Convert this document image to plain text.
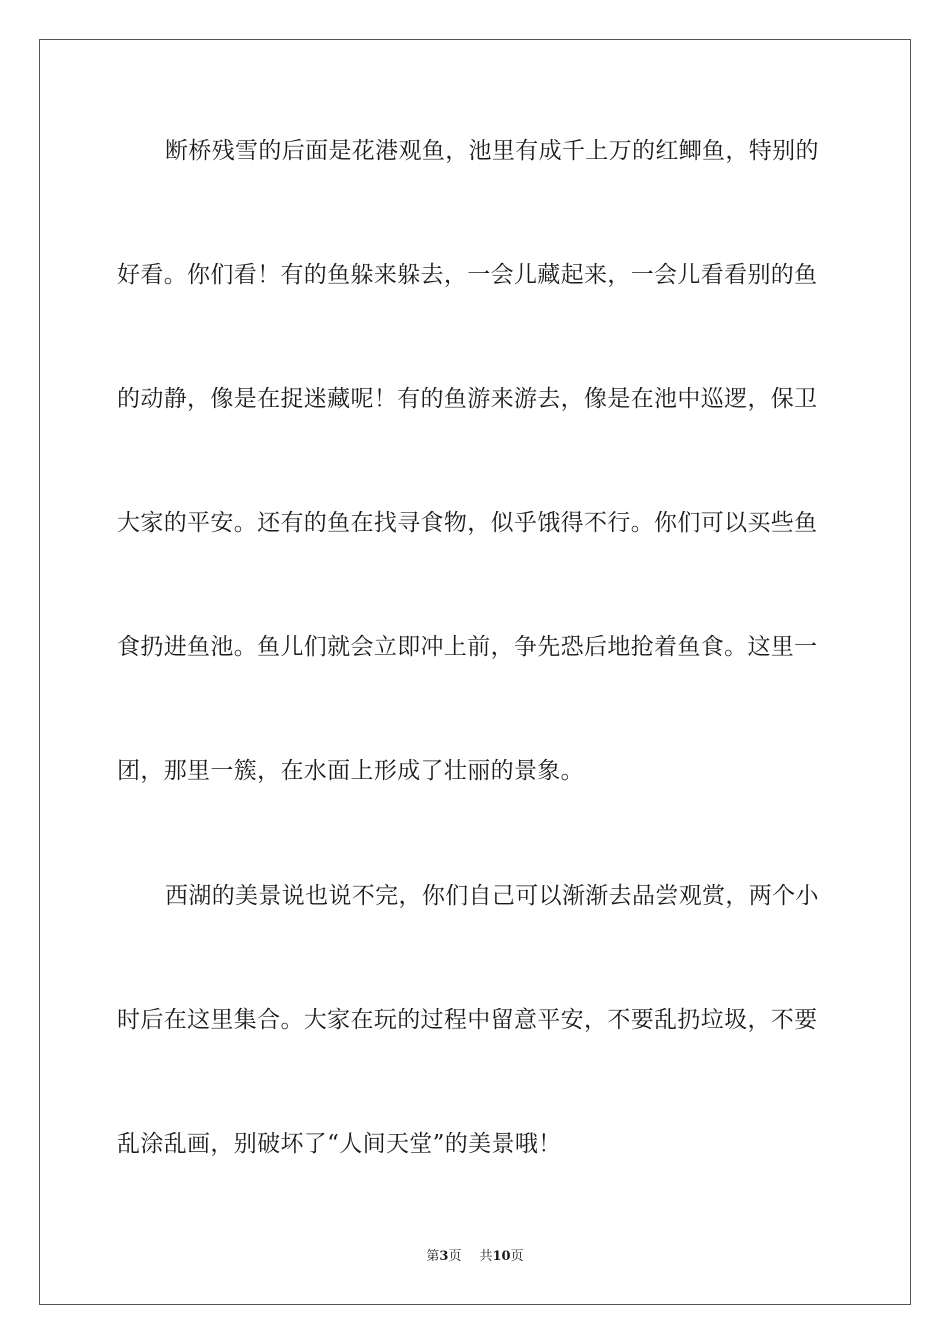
断桥残雪的后面是花港观鱼，池里有成千上万的红鲫鱼，特别的
好看。你们看！有的鱼躲来躲去，一会儿藏起来，一会儿看看别的鱼
的动静，像是在捉迷藏呢！有的鱼游来游去，像是在池中巡逻，保卫
大家的平安。还有的鱼在找寻食物，似乎饿得不行。你们可以买些鱼
食扔进鱼池。鱼儿们就会立即冲上前，争先恐后地抢着鱼食。这里一
团，那里一簇，在水面上形成了壮丽的景象。
西湖的美景说也说不完，你们自己可以渐渐去品尝观赏，两个小
时后在这里集合。大家在玩的过程中留意平安，不要乱扔垃圾，不要
乱涂乱画，别破坏了“人间天堂”的美景哦！
第3页 共10页
